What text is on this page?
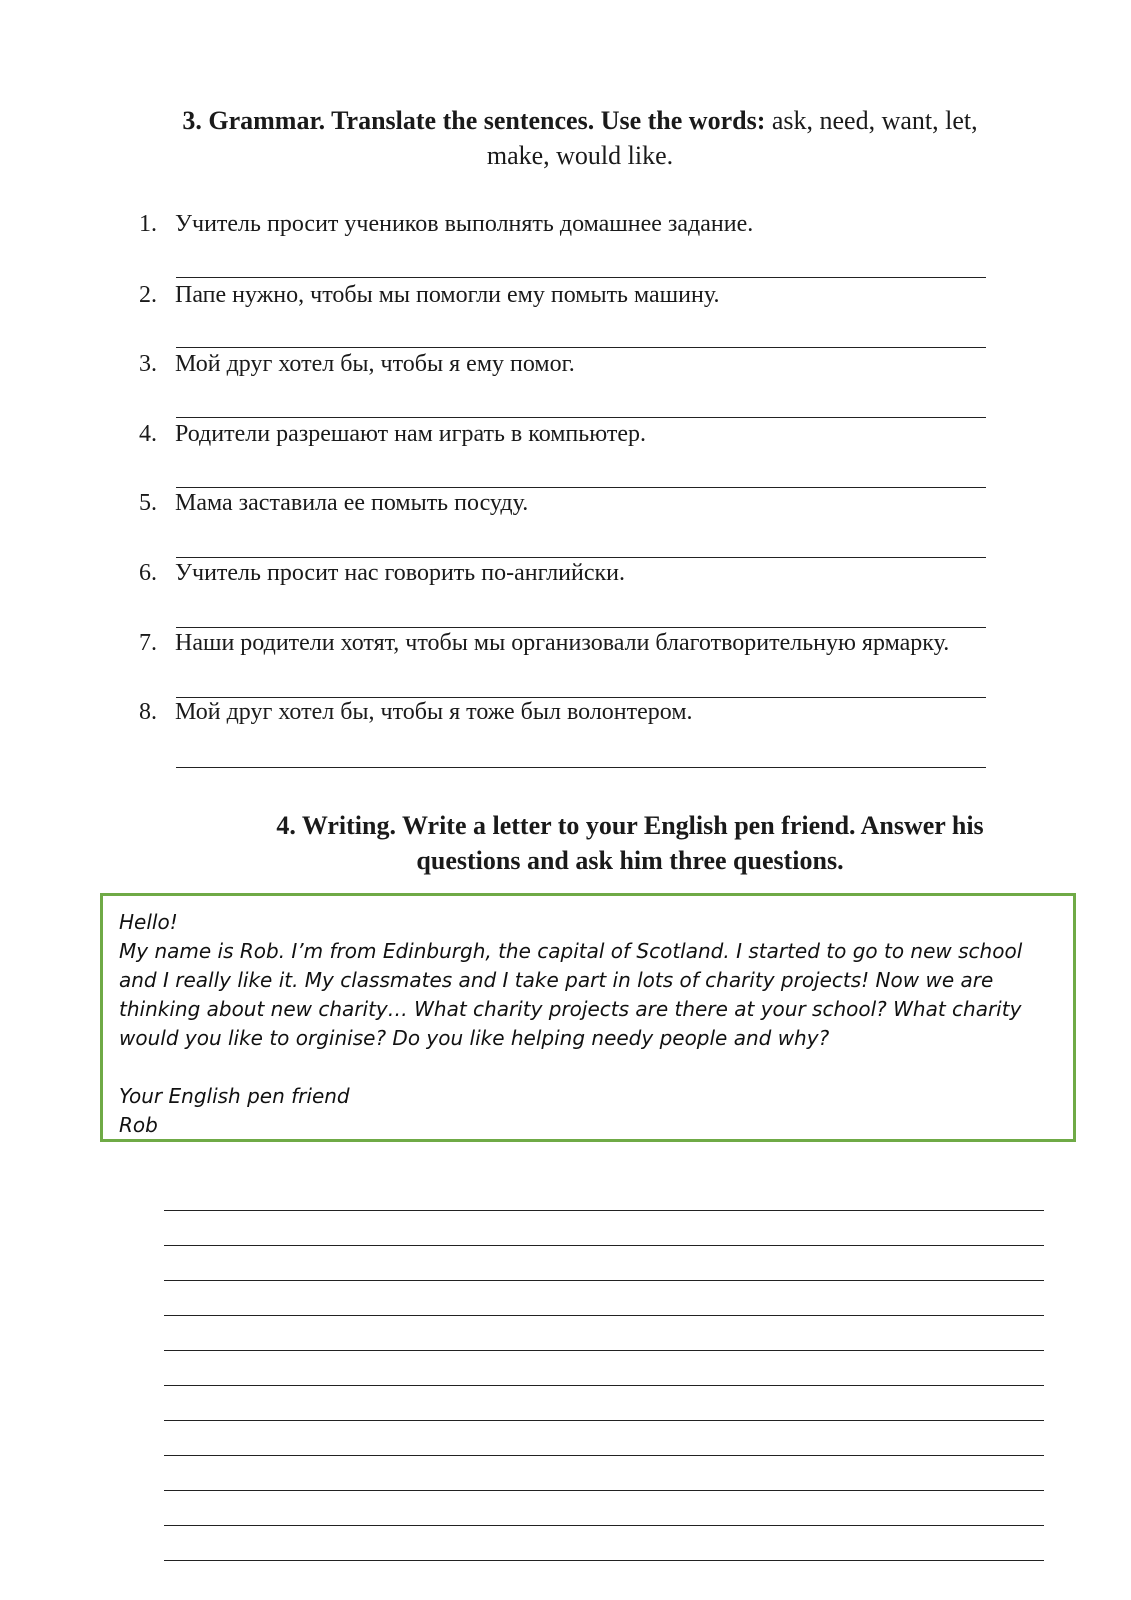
3. Grammar. Translate the sentences. Use the words: ask, need, want, let, make, would like.
1. Учитель просит учеников выполнять домашнее задание.
2. Папе нужно, чтобы мы помогли ему помыть машину.
3. Мой друг хотел бы, чтобы я ему помог.
4. Родители разрешают нам играть в компьютер.
5. Мама заставила ее помыть посуду.
6. Учитель просит нас говорить по-английски.
7. Наши родители хотят, чтобы мы организовали благотворительную ярмарку.
8. Мой друг хотел бы, чтобы я тоже был волонтером.
4. Writing. Write a letter to your English pen friend. Answer his questions and ask him three questions.

Hello!

My name is Rob. I’m from Edinburgh, the capital of Scotland. I started to go to new school and I really like it. My classmates and I take part in lots of charity projects! Now we are thinking about new charity… What charity projects are there at your school? What charity would you like to orginise? Do you like helping needy people and why?

Your English pen friend

Rob
